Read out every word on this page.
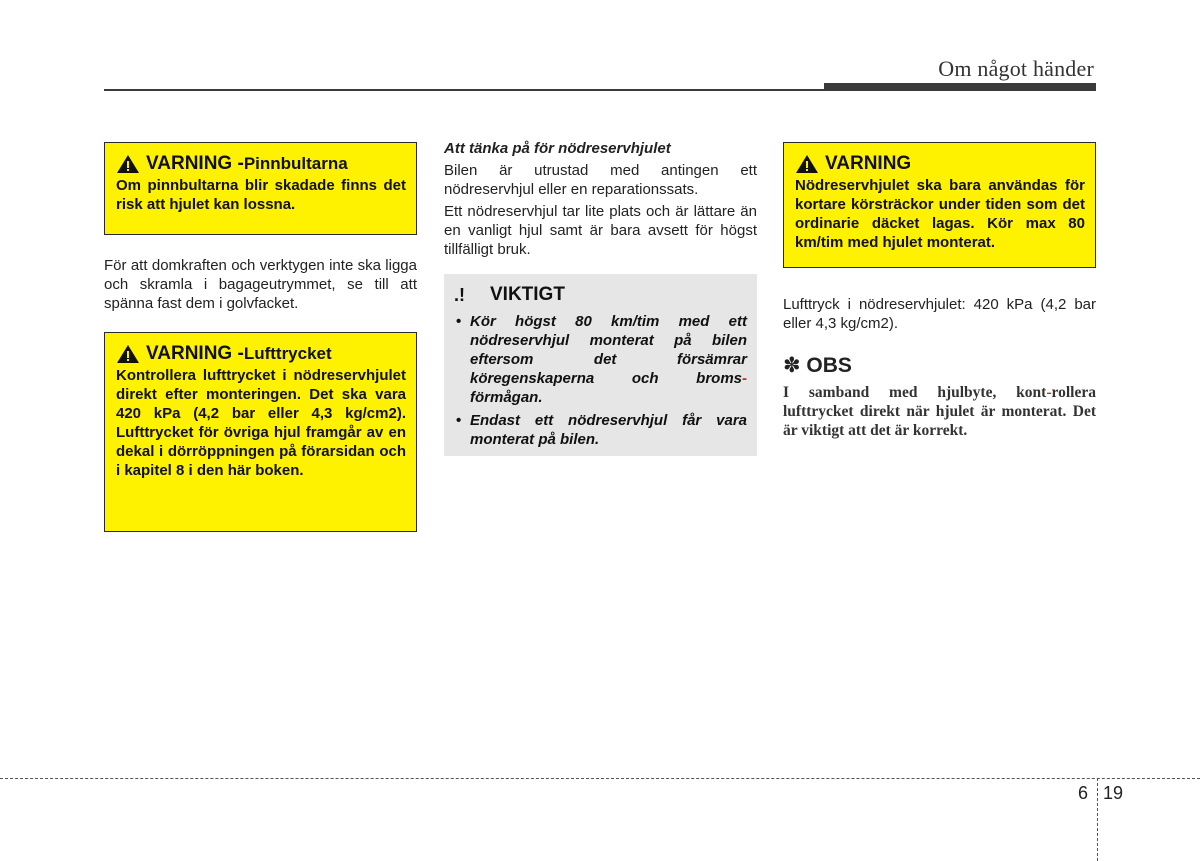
Om något händer
VARNING - Pinnbultarna
Om pinnbultarna blir skadade finns det risk att hjulet kan lossna.
För att domkraften och verktygen inte ska ligga och skramla i bagageutrymmet, se till att spänna fast dem i golvfacket.
VARNING - Lufttrycket
Kontrollera lufttrycket i nödreservhjulet direkt efter monteringen. Det ska vara 420 kPa (4,2 bar eller 4,3 kg/cm2). Lufttrycket för övriga hjul framgår av en dekal i dörröppningen på förarsidan och i kapitel 8 i den här boken.
Att tänka på för nödreservhjulet
Bilen är utrustad med antingen ett nödreservhjul eller en reparationssats.
Ett nödreservhjul tar lite plats och är lättare än en vanligt hjul samt är bara avsett för högst tillfälligt bruk.
.!	VIKTIGT
• Kör högst 80 km/tim med ett nödreservhjul monterat på bilen eftersom det försämrar köregenskaperna och broms- förmågan.
• Endast ett nödreservhjul får vara monterat på bilen.
VARNING
Nödreservhjulet ska bara användas för kortare körsträckor under tiden som det ordinarie däcket lagas. Kör max 80 km/tim med hjulet monterat.
Lufttryck i nödreservhjulet: 420 kPa (4,2 bar eller 4,3 kg/cm2).
✽ OBS
I samband med hjulbyte, kont-rollera lufttrycket direkt när hjulet är monterat. Det är viktigt att det är korrekt.
6 19
